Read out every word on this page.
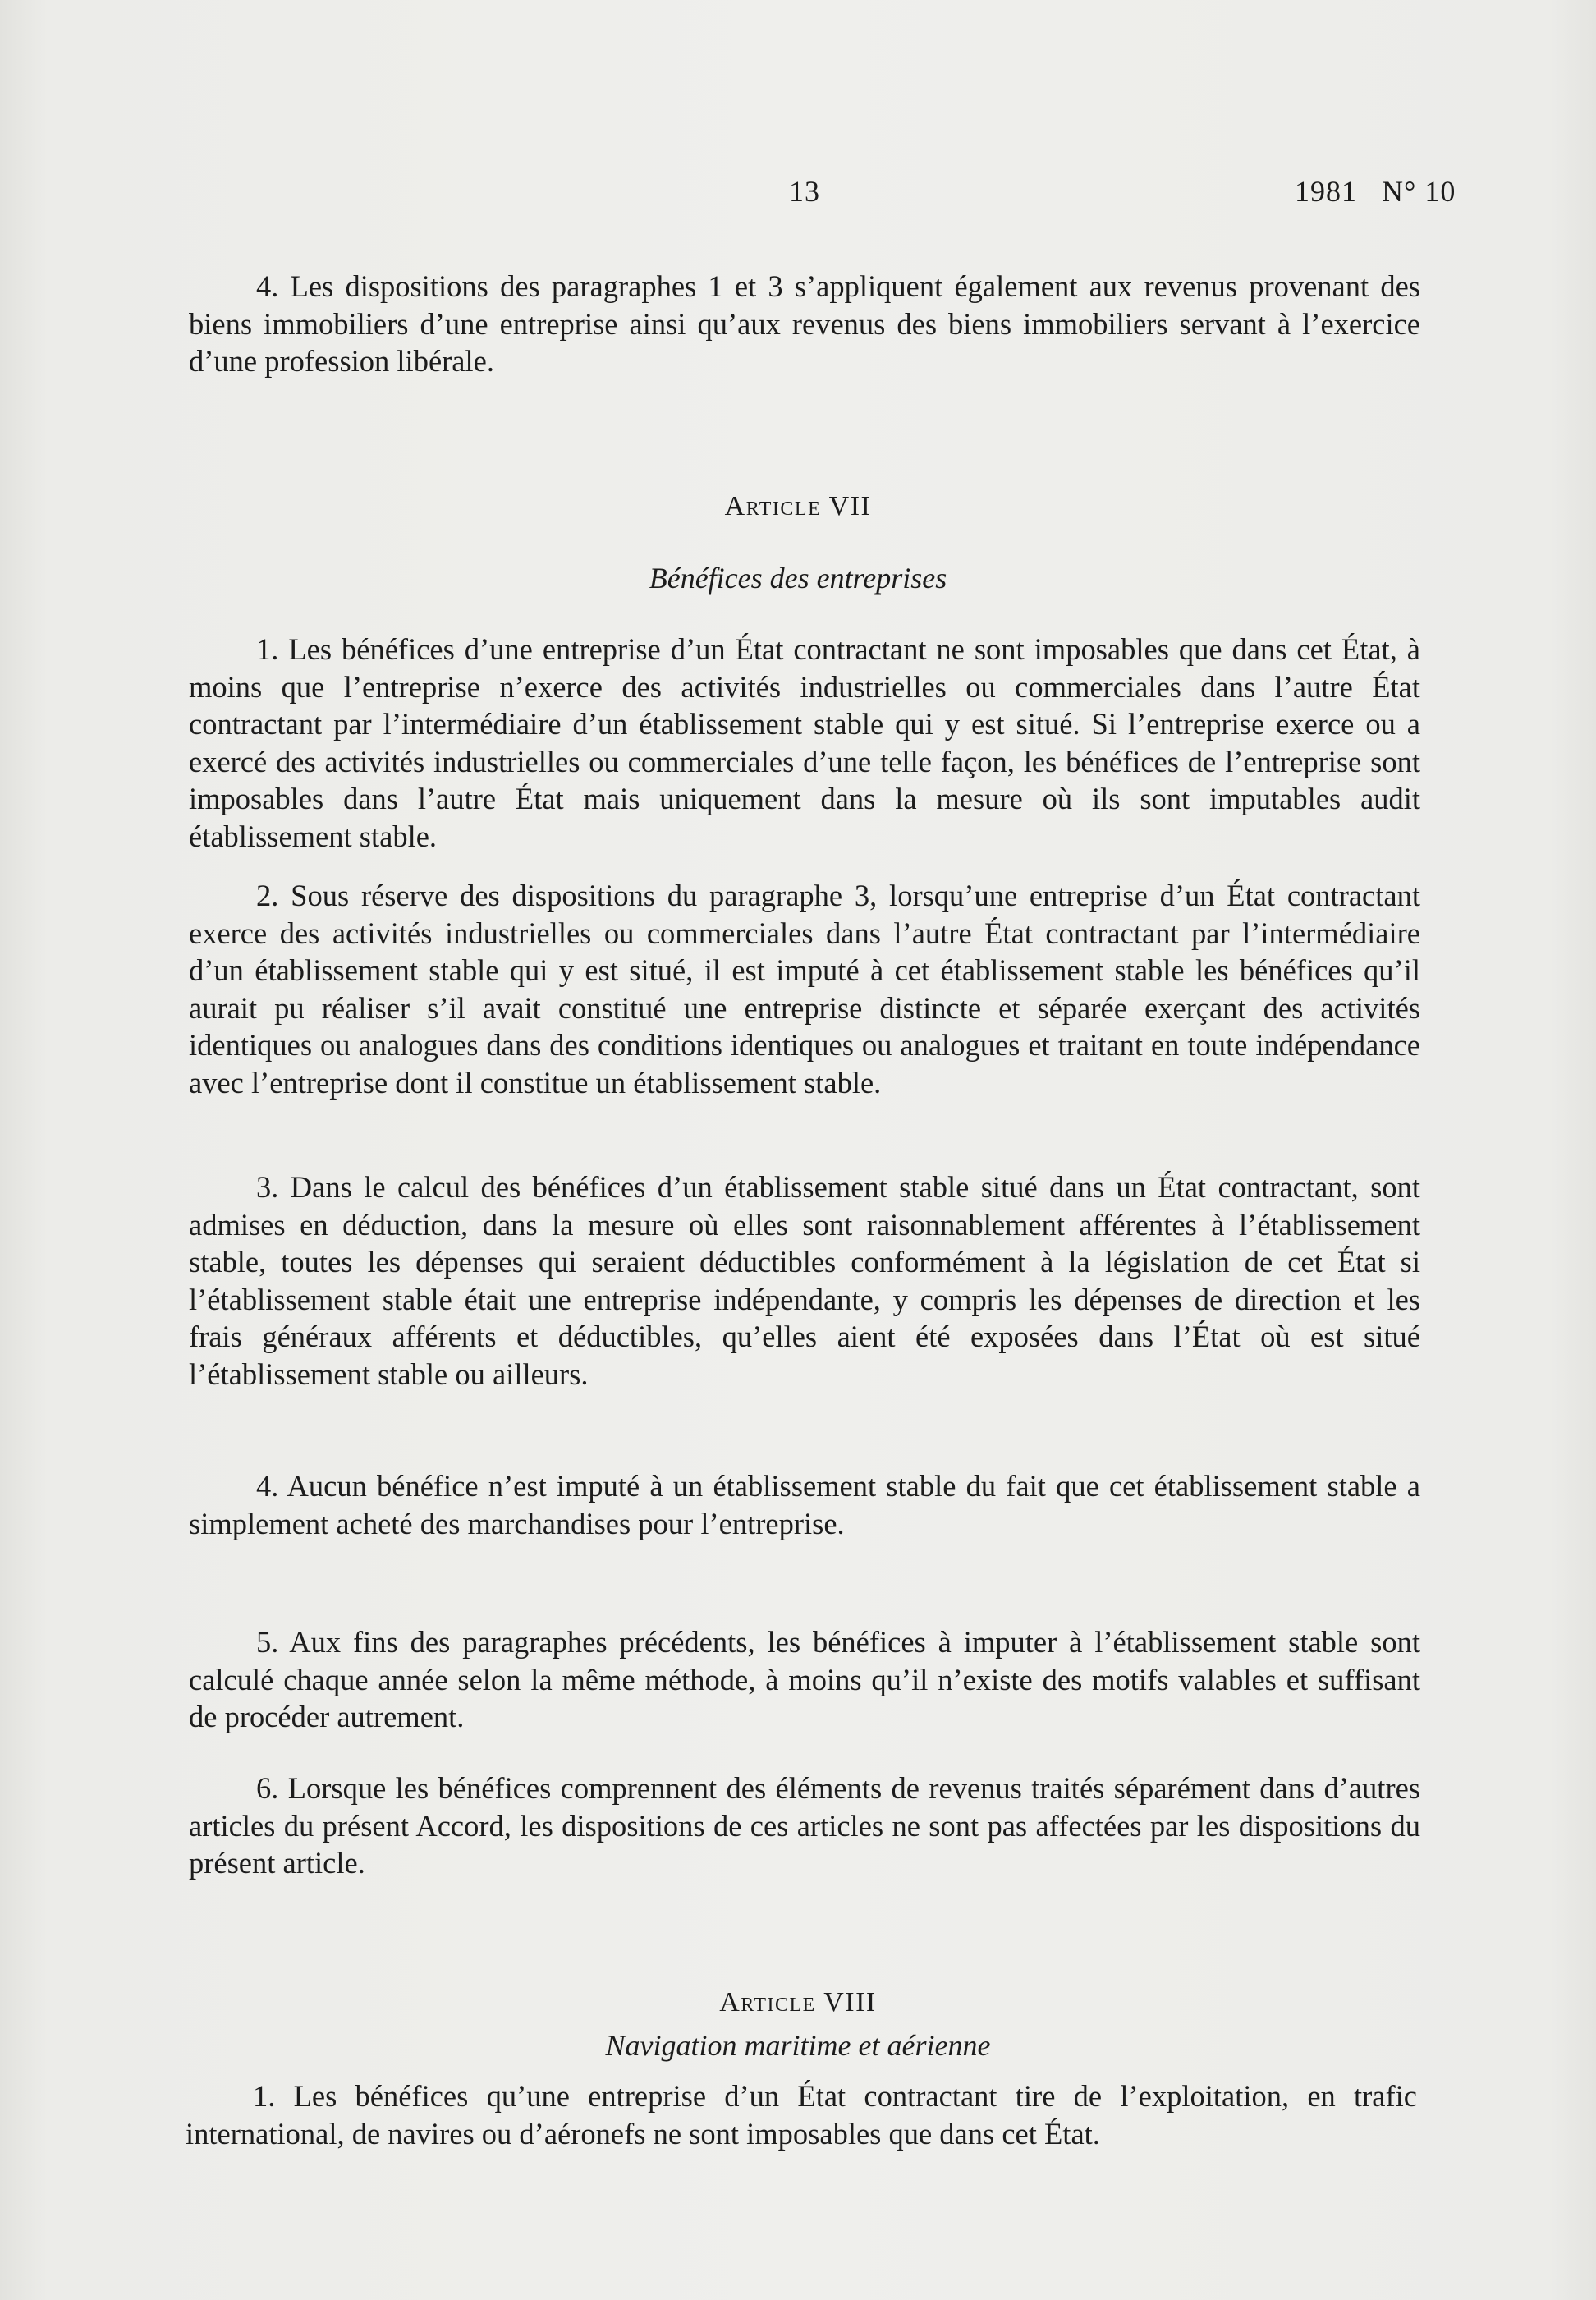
13	1981 N° 10

4. Les dispositions des paragraphes 1 et 3 s’appliquent également aux revenus provenant des biens immobiliers d’une entreprise ainsi qu’aux revenus des biens immobiliers servant à l’exercice d’une profession libérale.

Article VII
Bénéfices des entreprises

1. Les bénéfices d’une entreprise d’un État contractant ne sont imposables que dans cet État, à moins que l’entreprise n’exerce des activités industrielles ou commerciales dans l’autre État contractant par l’intermédiaire d’un établissement stable qui y est situé. Si l’entreprise exerce ou a exercé des activités industrielles ou commerciales d’une telle façon, les bénéfices de l’entreprise sont imposables dans l’autre État mais uniquement dans la mesure où ils sont imputables audit établissement stable.

2. Sous réserve des dispositions du paragraphe 3, lorsqu’une entreprise d’un État contractant exerce des activités industrielles ou commerciales dans l’autre État contractant par l’intermédiaire d’un établissement stable qui y est situé, il est imputé à cet établissement stable les bénéfices qu’il aurait pu réaliser s’il avait constitué une entreprise distincte et séparée exerçant des activités identiques ou analogues dans des conditions identiques ou analogues et traitant en toute indépendance avec l’entreprise dont il constitue un établissement stable.

3. Dans le calcul des bénéfices d’un établissement stable situé dans un État contractant, sont admises en déduction, dans la mesure où elles sont raisonnablement afférentes à l’établissement stable, toutes les dépenses qui seraient déductibles conformément à la législation de cet État si l’établissement stable était une entreprise indépendante, y compris les dépenses de direction et les frais généraux afférents et déductibles, qu’elles aient été exposées dans l’État où est situé l’établissement stable ou ailleurs.

4. Aucun bénéfice n’est imputé à un établissement stable du fait que cet établissement stable a simplement acheté des marchandises pour l’entreprise.

5. Aux fins des paragraphes précédents, les bénéfices à imputer à l’établissement stable sont calculé chaque année selon la même méthode, à moins qu’il n’existe des motifs valables et suffisant de procéder autrement.

6. Lorsque les bénéfices comprennent des éléments de revenus traités séparément dans d’autres articles du présent Accord, les dispositions de ces articles ne sont pas affectées par les dispositions du présent article.

Article VIII
Navigation maritime et aérienne

1. Les bénéfices qu’une entreprise d’un État contractant tire de l’exploitation, en trafic international, de navires ou d’aéronefs ne sont imposables que dans cet État.
